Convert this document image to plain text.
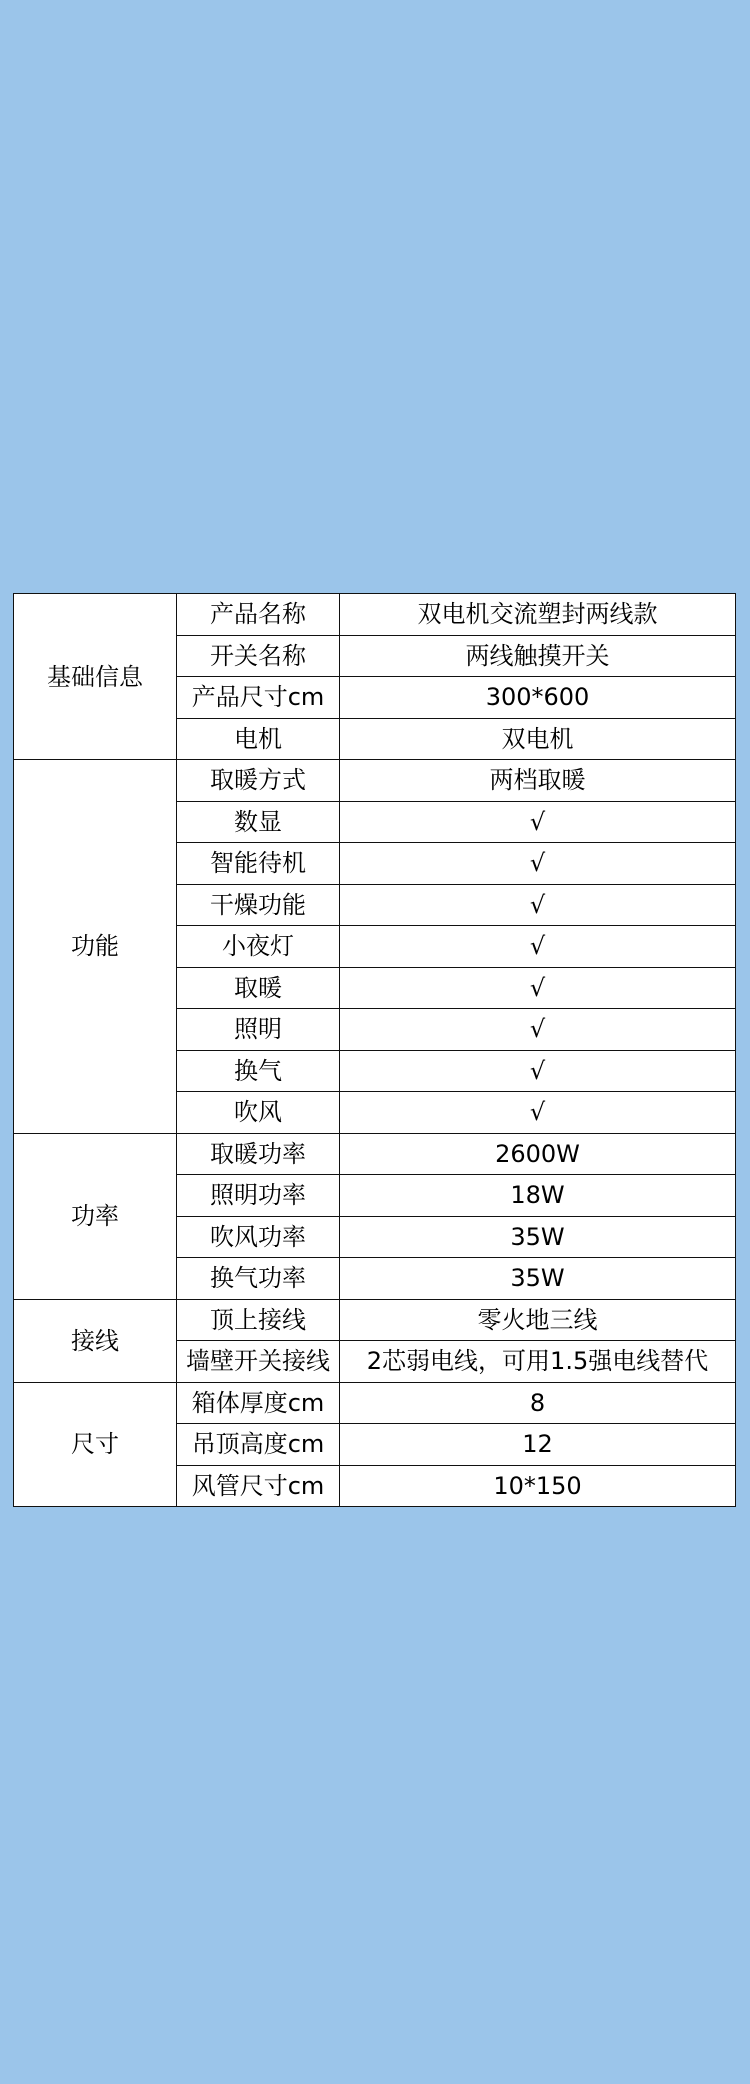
基础信息	产品名称	双电机交流塑封两线款
	开关名称	两线触摸开关
	产品尺寸cm	300*600
	电机	双电机
功能	取暖方式	两档取暖
	数显	√
	智能待机	√
	干燥功能	√
	小夜灯	√
	取暖	√
	照明	√
	换气	√
	吹风	√
功率	取暖功率	2600W
	照明功率	18W
	吹风功率	35W
	换气功率	35W
接线	顶上接线	零火地三线
	墙壁开关接线	2芯弱电线，可用1.5强电线替代
尺寸	箱体厚度cm	8
	吊顶高度cm	12
	风管尺寸cm	10*150
